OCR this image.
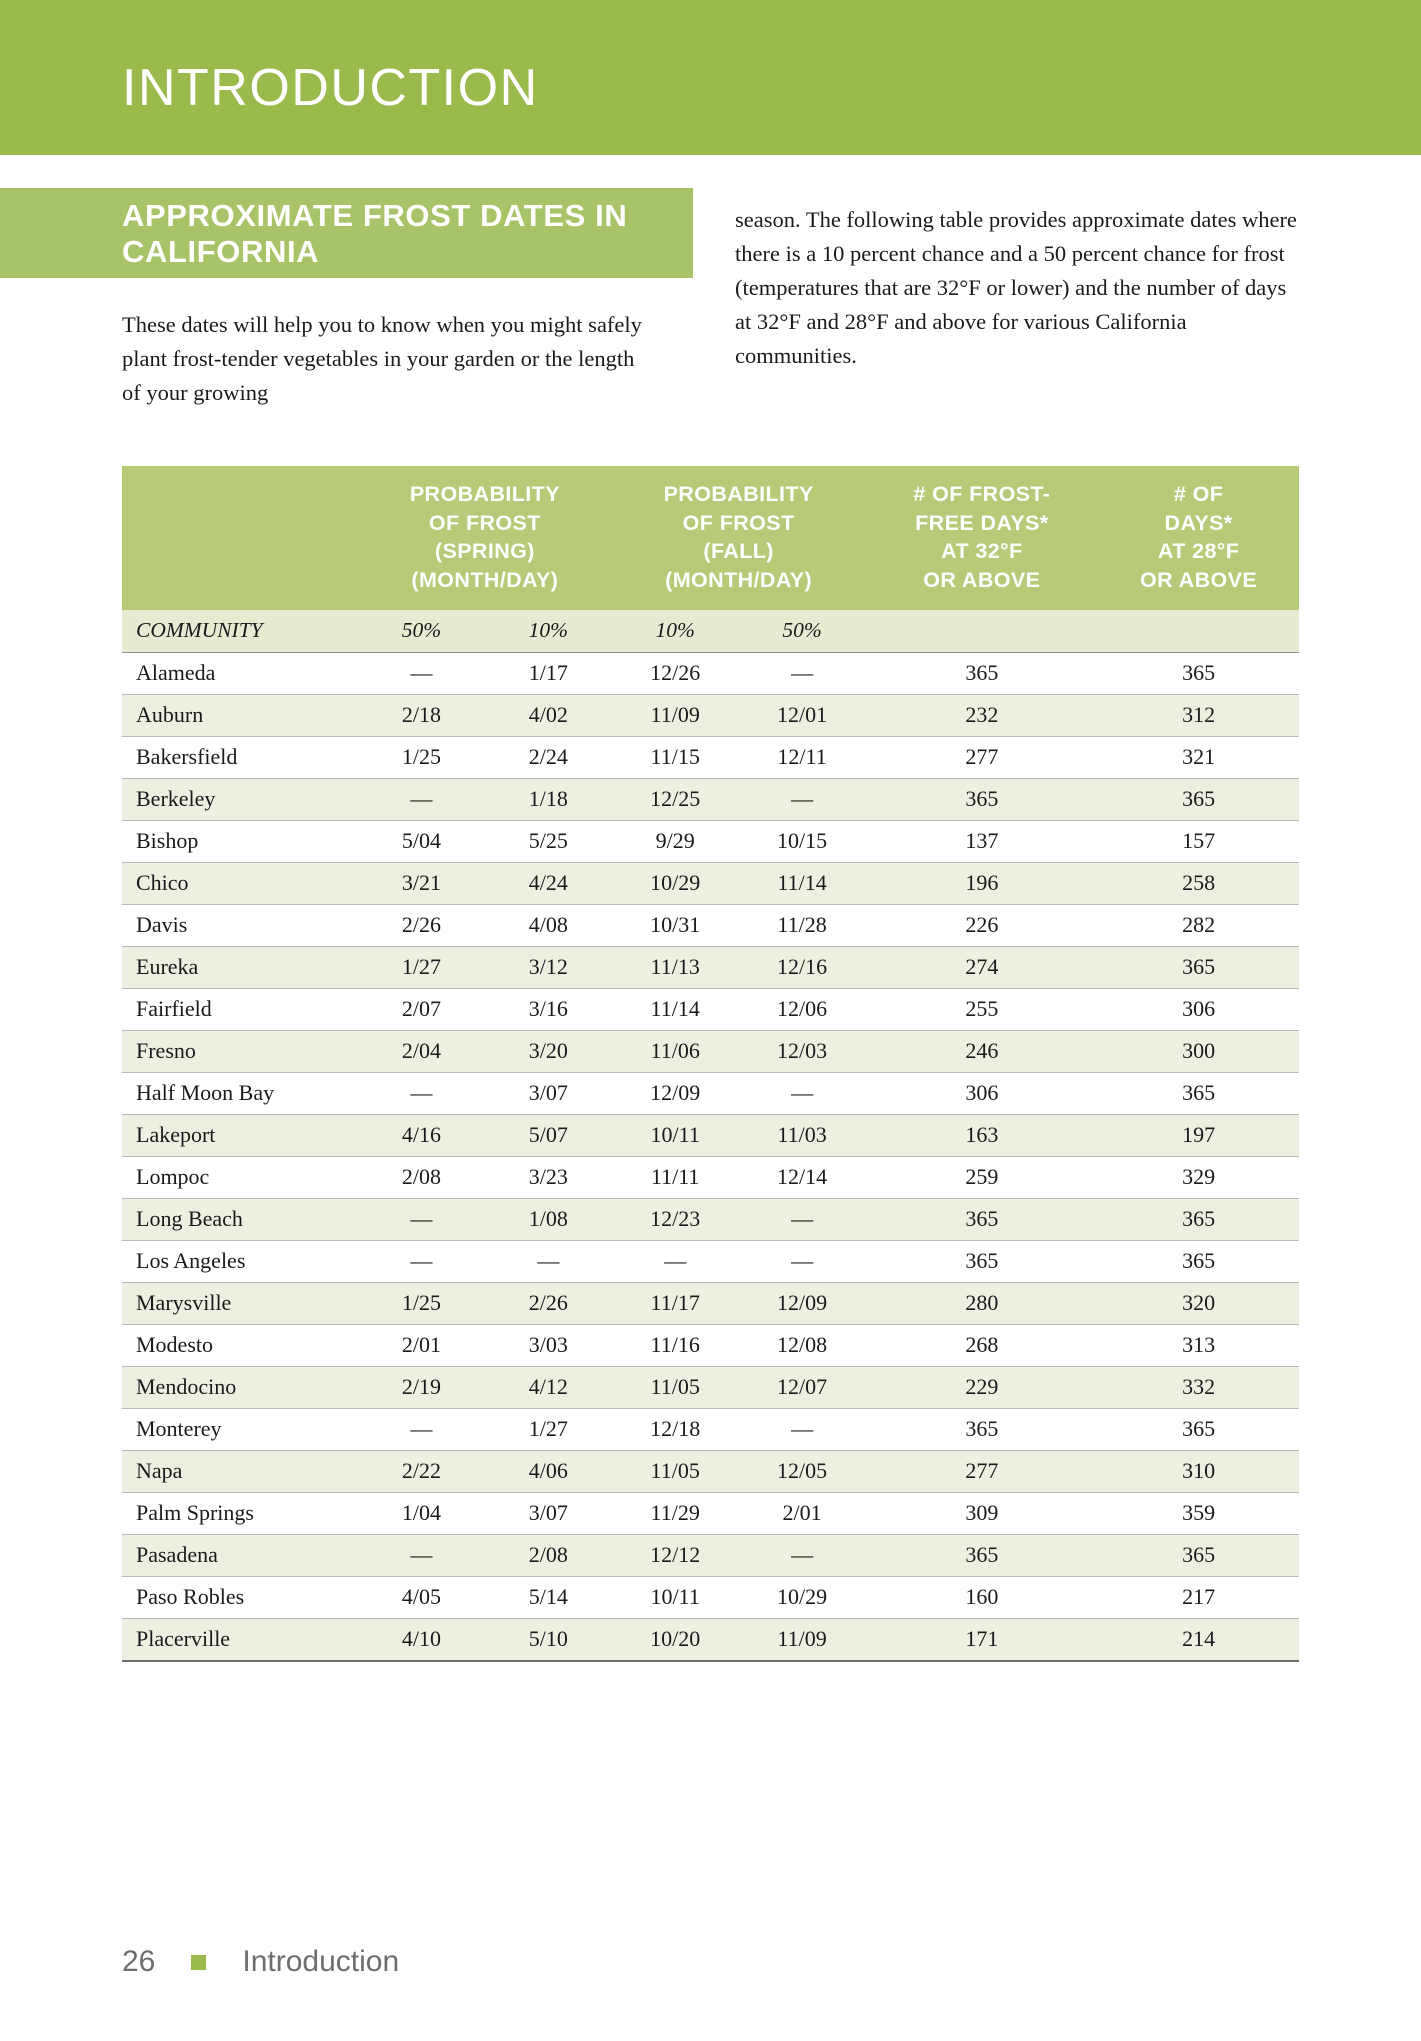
INTRODUCTION
APPROXIMATE FROST DATES IN CALIFORNIA
These dates will help you to know when you might safely plant frost-tender vegetables in your garden or the length of your growing
season. The following table provides approximate dates where there is a 10 percent chance and a 50 percent chance for frost (temperatures that are 32°F or lower) and the number of days at 32°F and 28°F and above for various California communities.

PROBABILITY
OF FROST
(SPRING)
(MONTH/DAY)

PROBABILITY
OF FROST
(FALL)
(MONTH/DAY)

# OF FROST-
FREE DAYS*
AT 32°F
OR ABOVE

# OF
DAYS*
AT 28°F
OR ABOVE

COMMUNITY	50%	10%	10%	50%		
Alameda	—	1/17	12/26	—	365	365
Auburn	2/18	4/02	11/09	12/01	232	312
Bakersfield	1/25	2/24	11/15	12/11	277	321
Berkeley	—	1/18	12/25	—	365	365
Bishop	5/04	5/25	9/29	10/15	137	157
Chico	3/21	4/24	10/29	11/14	196	258
Davis	2/26	4/08	10/31	11/28	226	282
Eureka	1/27	3/12	11/13	12/16	274	365
Fairfield	2/07	3/16	11/14	12/06	255	306
Fresno	2/04	3/20	11/06	12/03	246	300
Half Moon Bay	—	3/07	12/09	—	306	365
Lakeport	4/16	5/07	10/11	11/03	163	197
Lompoc	2/08	3/23	11/11	12/14	259	329
Long Beach	—	1/08	12/23	—	365	365
Los Angeles	—	—	—	—	365	365
Marysville	1/25	2/26	11/17	12/09	280	320
Modesto	2/01	3/03	11/16	12/08	268	313
Mendocino	2/19	4/12	11/05	12/07	229	332
Monterey	—	1/27	12/18	—	365	365
Napa	2/22	4/06	11/05	12/05	277	310
Palm Springs	1/04	3/07	11/29	2/01	309	359
Pasadena	—	2/08	12/12	—	365	365
Paso Robles	4/05	5/14	10/11	10/29	160	217
Placerville	4/10	5/10	10/20	11/09	171	214
26	Introduction
